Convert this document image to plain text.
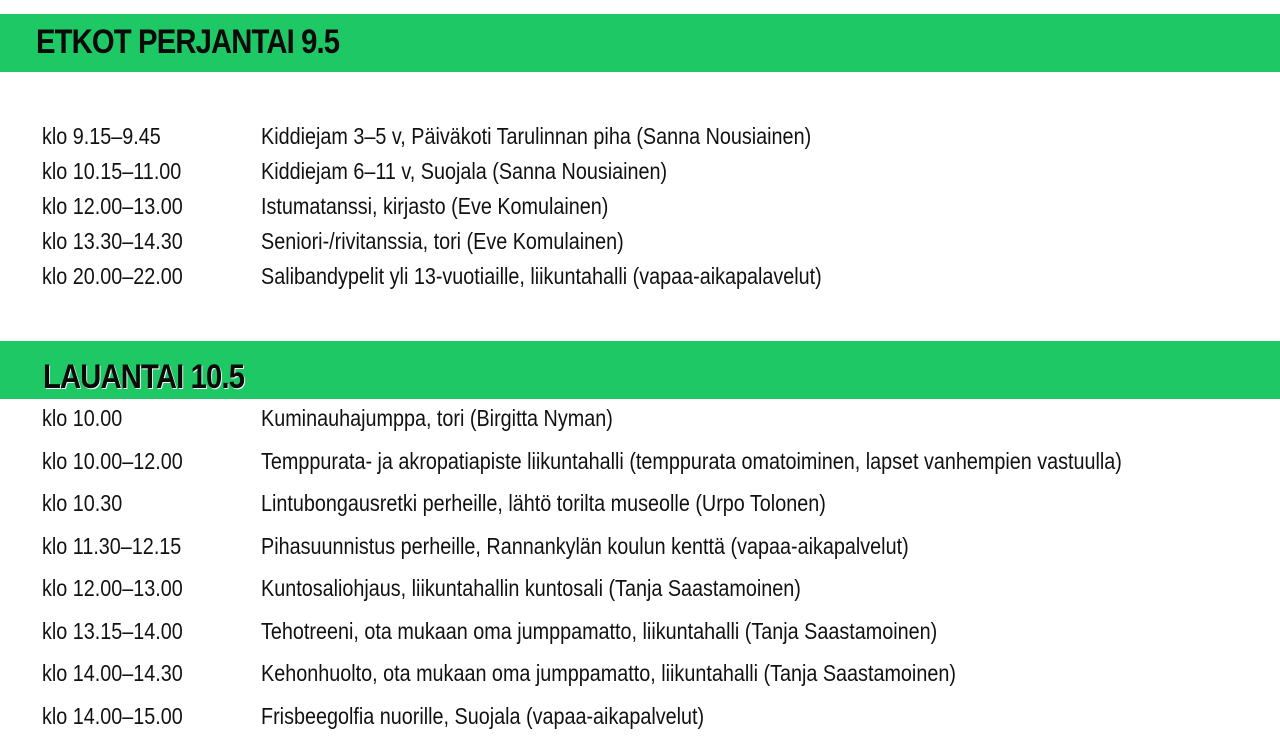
ETKOT PERJANTAI 9.5
klo 9.15–9.45	Kiddiejam 3–5 v, Päiväkoti Tarulinnan piha (Sanna Nousiainen)
klo 10.15–11.00	Kiddiejam 6–11 v, Suojala (Sanna Nousiainen)
klo 12.00–13.00	Istumatanssi, kirjasto (Eve Komulainen)
klo 13.30–14.30	Seniori-/rivitanssia, tori (Eve Komulainen)
klo 20.00–22.00	Salibandypelit yli 13-vuotiaille, liikuntahalli (vapaa-aikapalavelut)
LAUANTAI 10.5
klo 10.00	Kuminauhajumppa, tori (Birgitta Nyman)
klo 10.00–12.00	Temppurata- ja akropatiapiste liikuntahalli (temppurata omatoiminen, lapset vanhempien vastuulla)
klo 10.30	Lintubongausretki perheille, lähtö torilta museolle (Urpo Tolonen)
klo 11.30–12.15	Pihasuunnistus perheille, Rannankylän koulun kenttä (vapaa-aikapalvelut)
klo 12.00–13.00	Kuntosaliohjaus, liikuntahallin kuntosali (Tanja Saastamoinen)
klo 13.15–14.00	Tehotreeni, ota mukaan oma jumppamatto, liikuntahalli (Tanja Saastamoinen)
klo 14.00–14.30	Kehonhuolto, ota mukaan oma jumppamatto, liikuntahalli (Tanja Saastamoinen)
klo 14.00–15.00	Frisbeegolfia nuorille, Suojala (vapaa-aikapalvelut)
